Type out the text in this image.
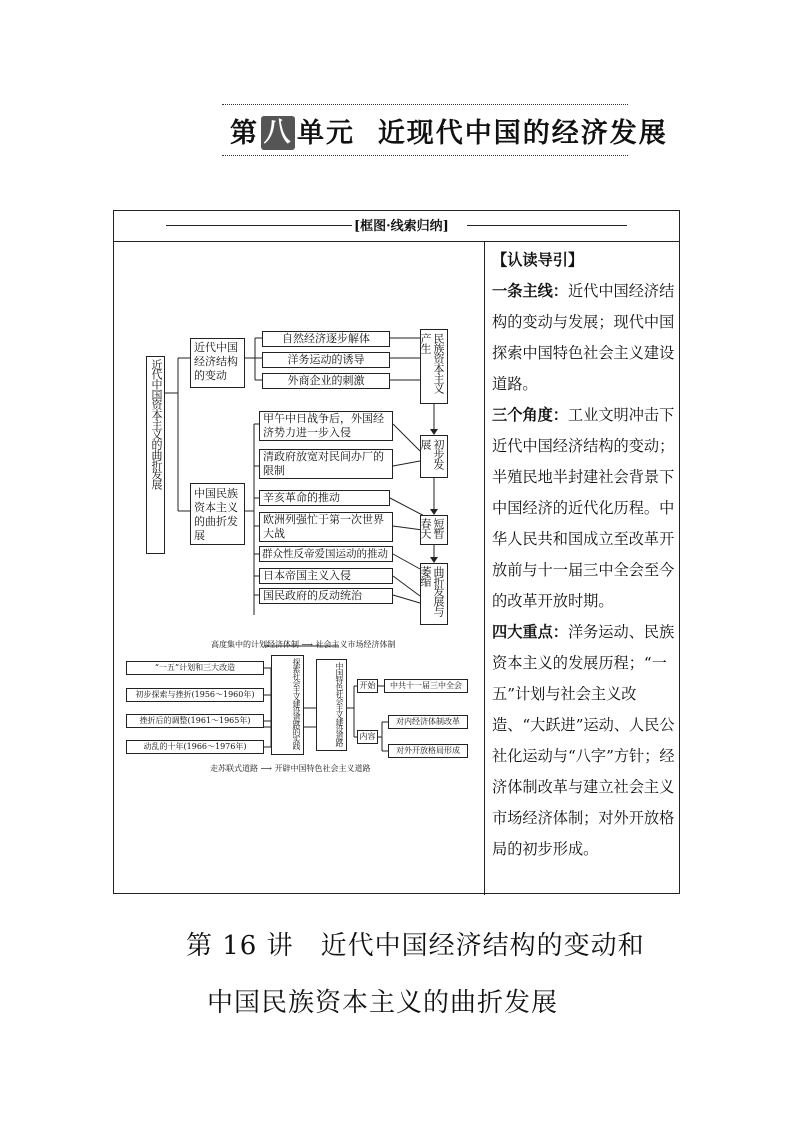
第 八 单元 近现代中国的经济发展
[框图·线索归纳]
近代中国资本主义的曲折发展
近代中国经济结构的变动
中国民族资本主义的曲折发展
自然经济逐步解体
洋务运动的诱导
外商企业的刺激
甲午中日战争后，外国经济势力进一步入侵
清政府放宽对民间办厂的限制
辛亥革命的推动
欧洲列强忙于第一次世界大战
群众性反帝爱国运动的推动
日本帝国主义入侵
国民政府的反动统治
民族资本主义产生
初步发展
短暂春天
曲折发展与萎缩
高度集中的计划经济体制 ⟶ 社会主义市场经济体制
“一五”计划和三大改造
初步探索与挫折(1956～1960年)
挫折后的调整(1961～1965年)
动乱的十年(1966～1976年)	探索社会主义建设道路的实践	中国特色社会主义建设道路	开始	中共十一届三中全会
内容
对内经济体制改革
对外开放格局形成
走苏联式道路 ⟶ 开辟中国特色社会主义道路

【认读导引】

一条主线：近代中国经济结构的变动与发展；现代中国探索中国特色社会主义建设道路。

三个角度：工业文明冲击下近代中国经济结构的变动；半殖民地半封建社会背景下中国经济的近代化历程。中华人民共和国成立至改革开放前与十一届三中全会至今的改革开放时期。

四大重点：洋务运动、民族资本主义的发展历程；“一五”计划与社会主义改造、“大跃进”运动、人民公社化运动与“八字”方针；经济体制改革与建立社会主义市场经济体制；对外开放格局的初步形成。

第 16 讲　近代中国经济结构的变动和
中国民族资本主义的曲折发展
